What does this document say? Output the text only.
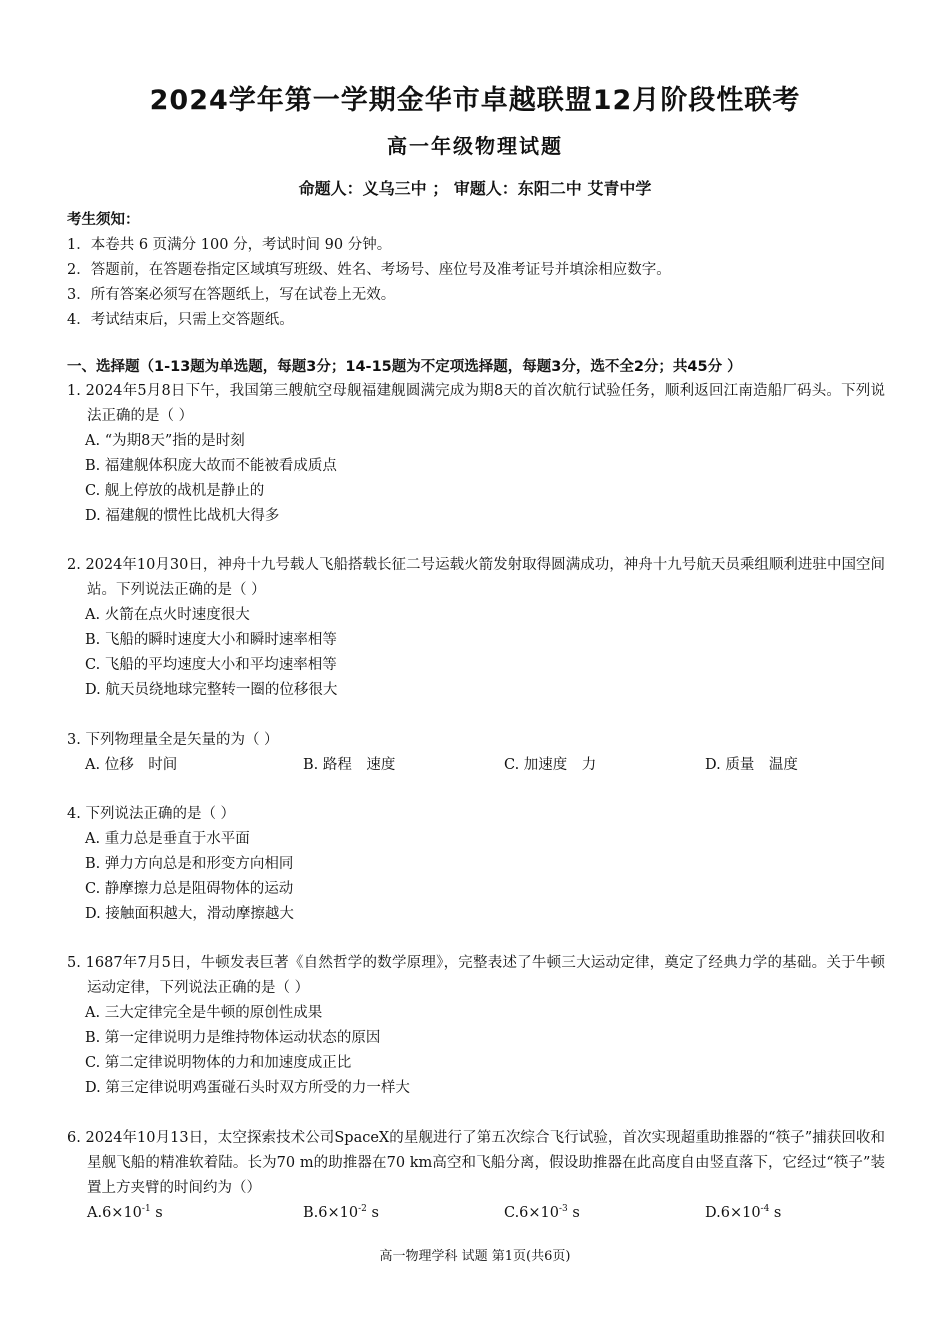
2024学年第一学期金华市卓越联盟12月阶段性联考
高一年级物理试题
命题人：义乌三中 ； 审题人：东阳二中 艾青中学
考生须知：
1．本卷共 6 页满分 100 分，考试时间 90 分钟。
2．答题前，在答题卷指定区域填写班级、姓名、考场号、座位号及准考证号并填涂相应数字。
3．所有答案必须写在答题纸上，写在试卷上无效。
4．考试结束后，只需上交答题纸。
一、选择题（1-13题为单选题，每题3分；14-15题为不定项选择题，每题3分，选不全2分；共45分 ）
1. 2024年5月8日下午，我国第三艘航空母舰福建舰圆满完成为期8天的首次航行试验任务，顺利返回江南造船厂码头。下列说法正确的是（ ）
A. “为期8天”指的是时刻
B. 福建舰体积庞大故而不能被看成质点
C. 舰上停放的战机是静止的
D. 福建舰的惯性比战机大得多
2. 2024年10月30日，神舟十九号载人飞船搭载长征二号运载火箭发射取得圆满成功，神舟十九号航天员乘组顺利进驻中国空间站。下列说法正确的是（ ）
A. 火箭在点火时速度很大
B. 飞船的瞬时速度大小和瞬时速率相等
C. 飞船的平均速度大小和平均速率相等
D. 航天员绕地球完整转一圈的位移很大
3. 下列物理量全是矢量的为（ ）
A. 位移　时间	B. 路程　速度	C. 加速度　力	D. 质量　温度
4. 下列说法正确的是（ ）
A. 重力总是垂直于水平面
B. 弹力方向总是和形变方向相同
C. 静摩擦力总是阻碍物体的运动
D. 接触面积越大，滑动摩擦越大
5. 1687年7月5日，牛顿发表巨著《自然哲学的数学原理》，完整表述了牛顿三大运动定律，奠定了经典力学的基础。关于牛顿运动定律，下列说法正确的是（ ）
A. 三大定律完全是牛顿的原创性成果
B. 第一定律说明力是维持物体运动状态的原因
C. 第二定律说明物体的力和加速度成正比
D. 第三定律说明鸡蛋碰石头时双方所受的力一样大
6. 2024年10月13日，太空探索技术公司SpaceX的星舰进行了第五次综合飞行试验，首次实现超重助推器的“筷子”捕获回收和星舰飞船的精准软着陆。长为70 m的助推器在70 km高空和飞船分离，假设助推器在此高度自由竖直落下，它经过“筷子”装置上方夹臂的时间约为（）
$A.6\times 10^{-1}$ s	$B.6\times 10^{-2}$ s	$C.6\times 10^{-3}$ s	$D.6\times 10^{-4}$ s
高一物理学科 试题 第1页(共6页)
